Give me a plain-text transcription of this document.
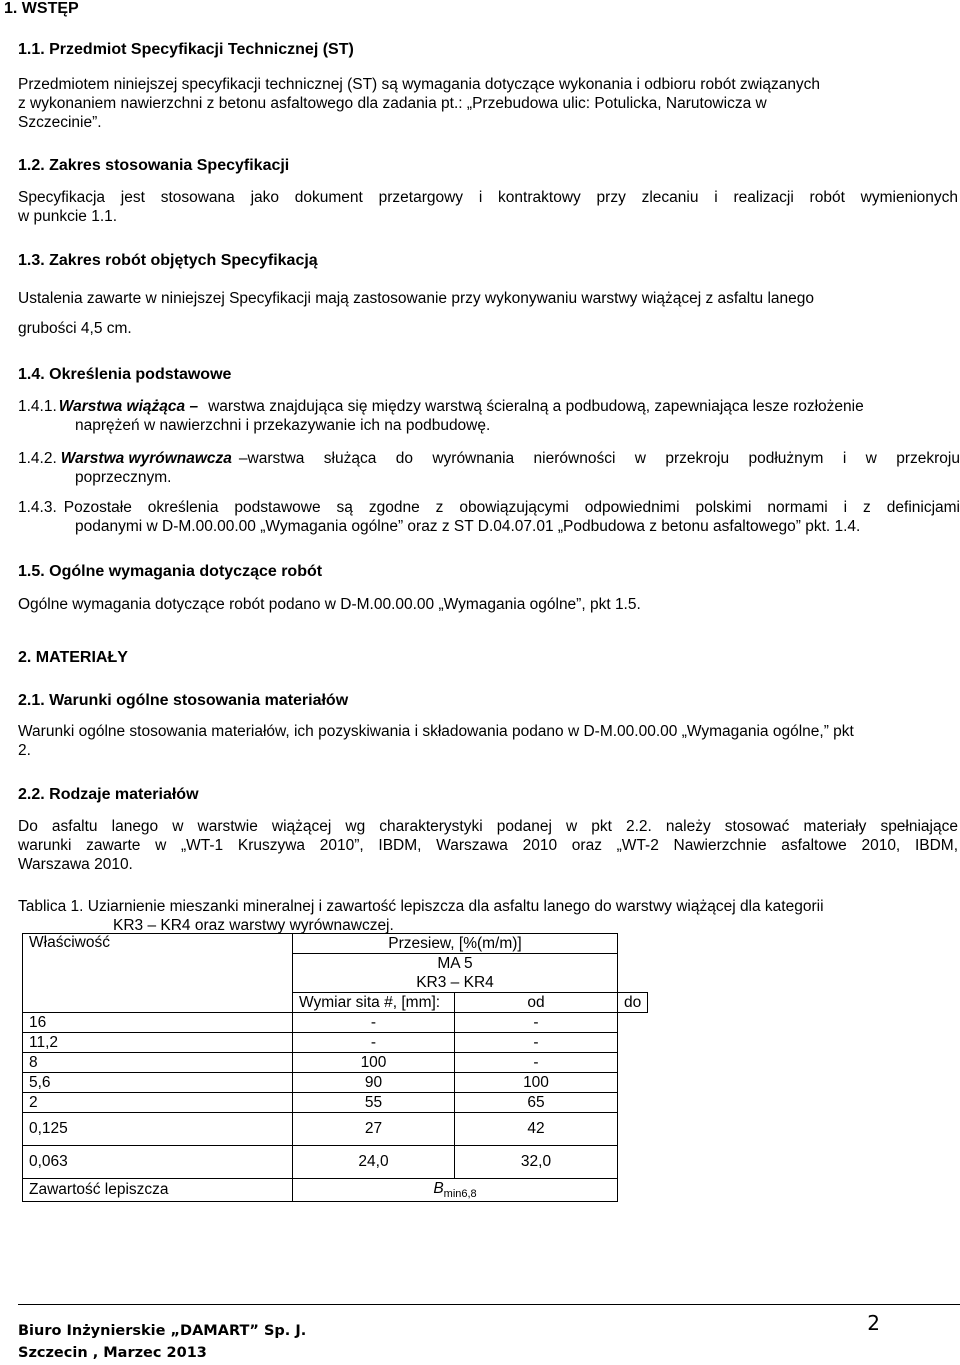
1. WSTĘP
1.1. Przedmiot Specyfikacji Technicznej (ST)
Przedmiotem niniejszej specyfikacji technicznej (ST) są wymagania dotyczące wykonania i odbioru robót związanych
z wykonaniem nawierzchni z betonu asfaltowego dla zadania pt.: „Przebudowa ulic: Potulicka, Narutowicza w
Szczecinie”.
1.2. Zakres stosowania Specyfikacji
Specyfikacja jest stosowana jako dokument przetargowy i kontraktowy przy zlecaniu i realizacji robót wymienionych
w punkcie 1.1.
1.3. Zakres robót objętych Specyfikacją
Ustalenia zawarte w niniejszej Specyfikacji mają zastosowanie przy wykonywaniu warstwy wiążącej z asfaltu lanego
grubości 4,5 cm.
1.4. Określenia podstawowe
1.4.1. Warstwa wiążąca – warstwa znajdująca się między warstwą ścieralną a podbudową, zapewniająca lesze rozłożenie
naprężeń w nawierzchni i przekazywanie ich na podbudowę.
1.4.2. Warstwa wyrównawcza –warstwa służąca do wyrównania nierówności w przekroju podłużnym i w przekroju
poprzecznym.
1.4.3. Pozostałe określenia podstawowe są zgodne z obowiązującymi odpowiednimi polskimi normami i z definicjami
podanymi w D-M.00.00.00 „Wymagania ogólne” oraz z ST D.04.07.01 „Podbudowa z betonu asfaltowego” pkt. 1.4.
1.5. Ogólne wymagania dotyczące robót
Ogólne wymagania dotyczące robót podano w D-M.00.00.00 „Wymagania ogólne”, pkt 1.5.
2. MATERIAŁY
2.1. Warunki ogólne stosowania materiałów
Warunki ogólne stosowania materiałów, ich pozyskiwania i składowania podano w D-M.00.00.00 „Wymagania ogólne,” pkt
2.
2.2. Rodzaje materiałów
Do asfaltu lanego w warstwie wiążącej wg charakterystyki podanej w pkt 2.2. należy stosować materiały spełniające
warunki zawarte w „WT-1 Kruszywa 2010”, IBDM, Warszawa 2010 oraz „WT-2 Nawierzchnie asfaltowe 2010, IBDM,
Warszawa 2010.
Tablica 1. Uziarnienie mieszanki mineralnej i zawartość lepiszcza dla asfaltu lanego do warstwy wiążącej dla kategorii
KR3 – KR4 oraz warstwy wyrównawczej.
Właściwość	Przesiew, [%(m/m)]		

	MA 5
KR3 – KR4		

	Wymiar sita #, [mm]:	od	do
16	-	-	
11,2	-	-	
8	100	-	
5,6	90	100	
2	55	65	
0,125	27	42	
0,063	24,0	32,0	
Zawartość lepiszcza	$B_{min6,8}$
Biuro Inżynierskie „DAMART” Sp. J.
Szczecin , Marzec 2013
2
